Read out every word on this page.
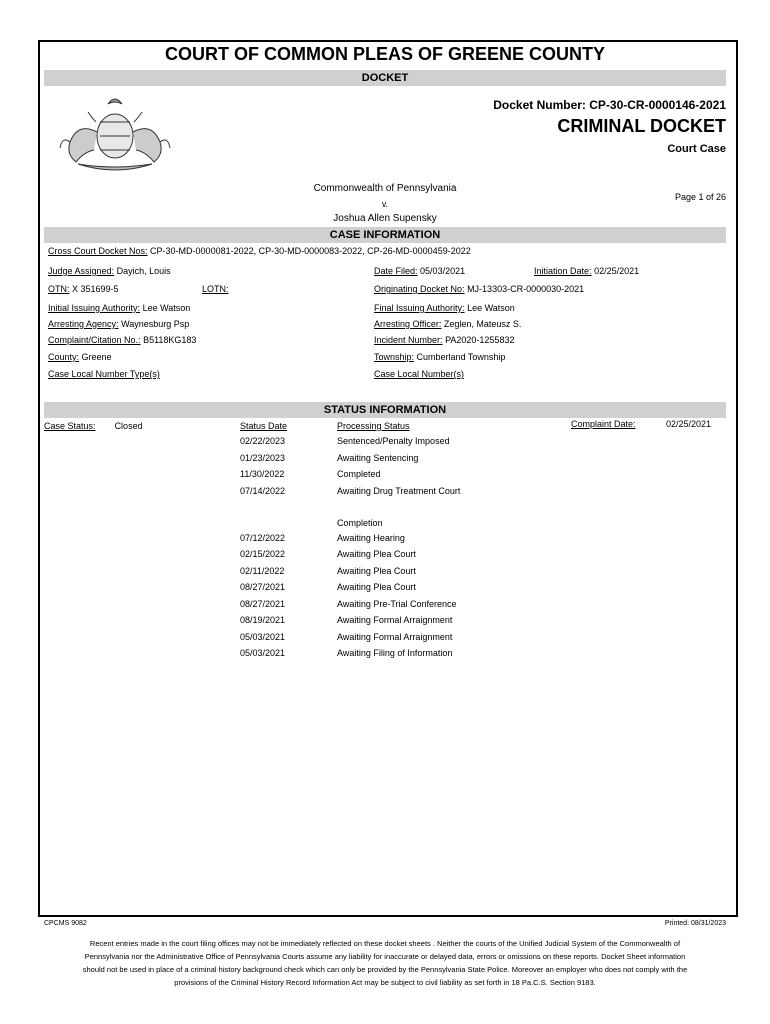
COURT OF COMMON PLEAS OF GREENE COUNTY
DOCKET
Docket Number: CP-30-CR-0000146-2021
CRIMINAL DOCKET
Court Case
Commonwealth of Pennsylvania
v.
Joshua Allen Supensky
Page 1 of 26
CASE INFORMATION
Cross Court Docket Nos: CP-30-MD-0000081-2022, CP-30-MD-0000083-2022, CP-26-MD-0000459-2022
Judge Assigned: Dayich, Louis	Date Filed: 05/03/2021	Initiation Date: 02/25/2021
OTN: X 351699-5	LOTN:	Originating Docket No: MJ-13303-CR-0000030-2021
Initial Issuing Authority: Lee Watson	Final Issuing Authority: Lee Watson
Arresting Agency: Waynesburg Psp	Arresting Officer: Zeglen, Mateusz S.
Complaint/Citation No.: B5118KG183	Incident Number: PA2020-1255832
County: Greene	Township: Cumberland Township
Case Local Number Type(s)	Case Local Number(s)
STATUS INFORMATION
Case Status: Closed	Status Date	Processing Status	Complaint Date:	02/25/2021
02/22/2023	Sentenced/Penalty Imposed
01/23/2023	Awaiting Sentencing
11/30/2022	Completed
07/14/2022	Awaiting Drug Treatment Court
Completion
07/12/2022	Awaiting Hearing
02/15/2022	Awaiting Plea Court
02/11/2022	Awaiting Plea Court
08/27/2021	Awaiting Plea Court
08/27/2021	Awaiting Pre-Trial Conference
08/19/2021	Awaiting Formal Arraignment
05/03/2021	Awaiting Formal Arraignment
05/03/2021	Awaiting Filing of Information
CPCMS 9082	Printed: 08/31/2023
Recent entries made in the court filing offices may not be immediately reflected on these docket sheets . Neither the courts of the Unified Judicial System of the Commonwealth of Pennsylvania nor the Administrative Office of Pennsylvania Courts assume any liability for inaccurate or delayed data, errors or omissions on these reports. Docket Sheet information should not be used in place of a criminal history background check which can only be provided by the Pennsylvania State Police. Moreover an employer who does not comply with the provisions of the Criminal History Record Information Act may be subject to civil liability as set forth in 18 Pa.C.S. Section 9183.
